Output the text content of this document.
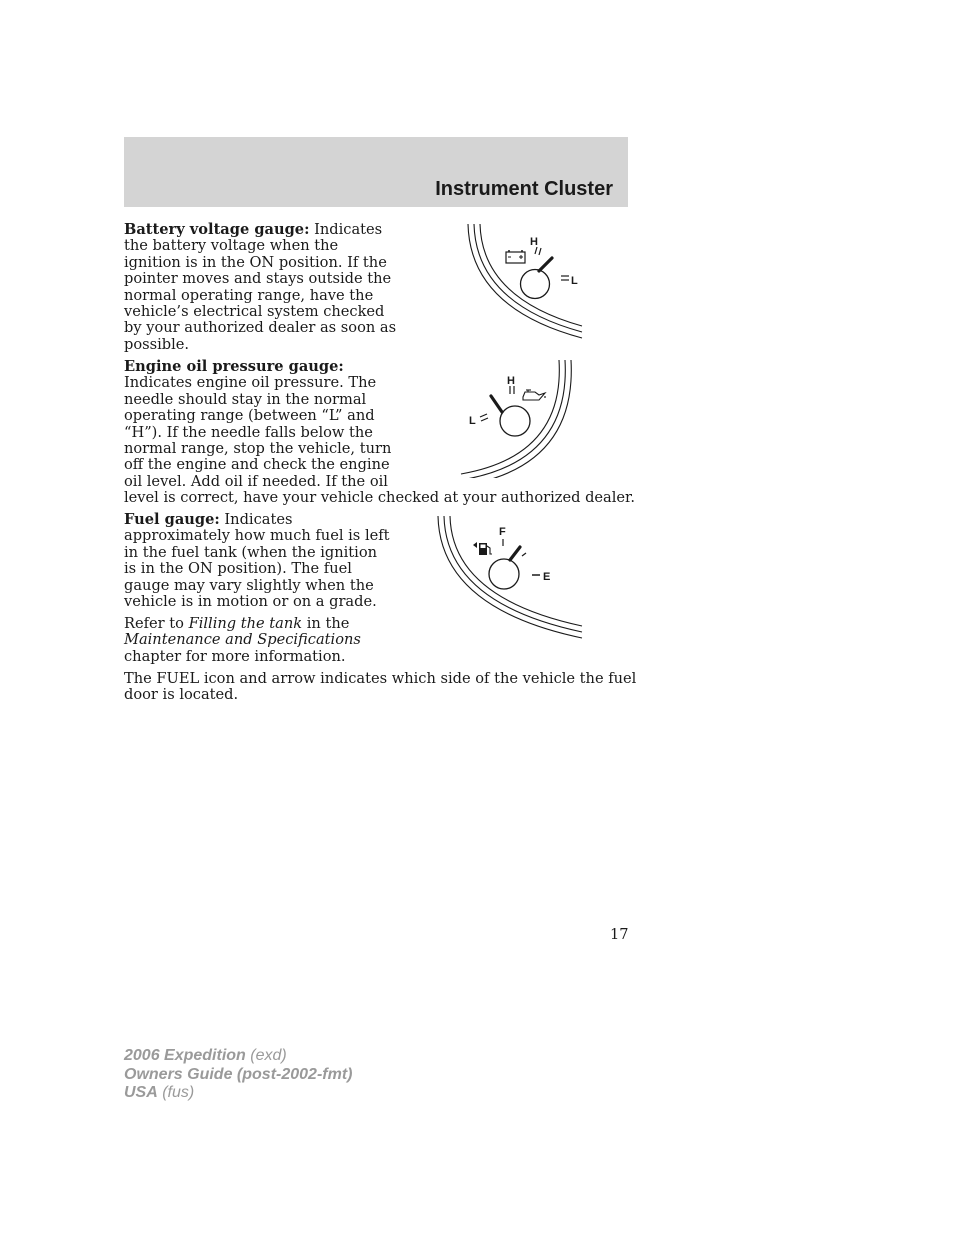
Instrument Cluster

Battery voltage gauge: Indicates
the battery voltage when the
ignition is in the ON position. If the
pointer moves and stays outside the
normal operating range, have the
vehicle’s electrical system checked
by your authorized dealer as soon as
possible.

H
L

Engine oil pressure gauge:
Indicates engine oil pressure. The
needle should stay in the normal
operating range (between “L” and
“H”). If the needle falls below the
normal range, stop the vehicle, turn
off the engine and check the engine
oil level. Add oil if needed. If the oil
level is correct, have your vehicle checked at your authorized dealer.

H
L

Fuel gauge: Indicates
approximately how much fuel is left
in the fuel tank (when the ignition
is in the ON position). The fuel
gauge may vary slightly when the
vehicle is in motion or on a grade.

Refer to Filling the tank in the
Maintenance and Specifications
chapter for more information.

The FUEL icon and arrow indicates which side of the vehicle the fuel
door is located.

F
E
17
2006 Expedition (exd)
Owners Guide (post-2002-fmt)
USA (fus)
